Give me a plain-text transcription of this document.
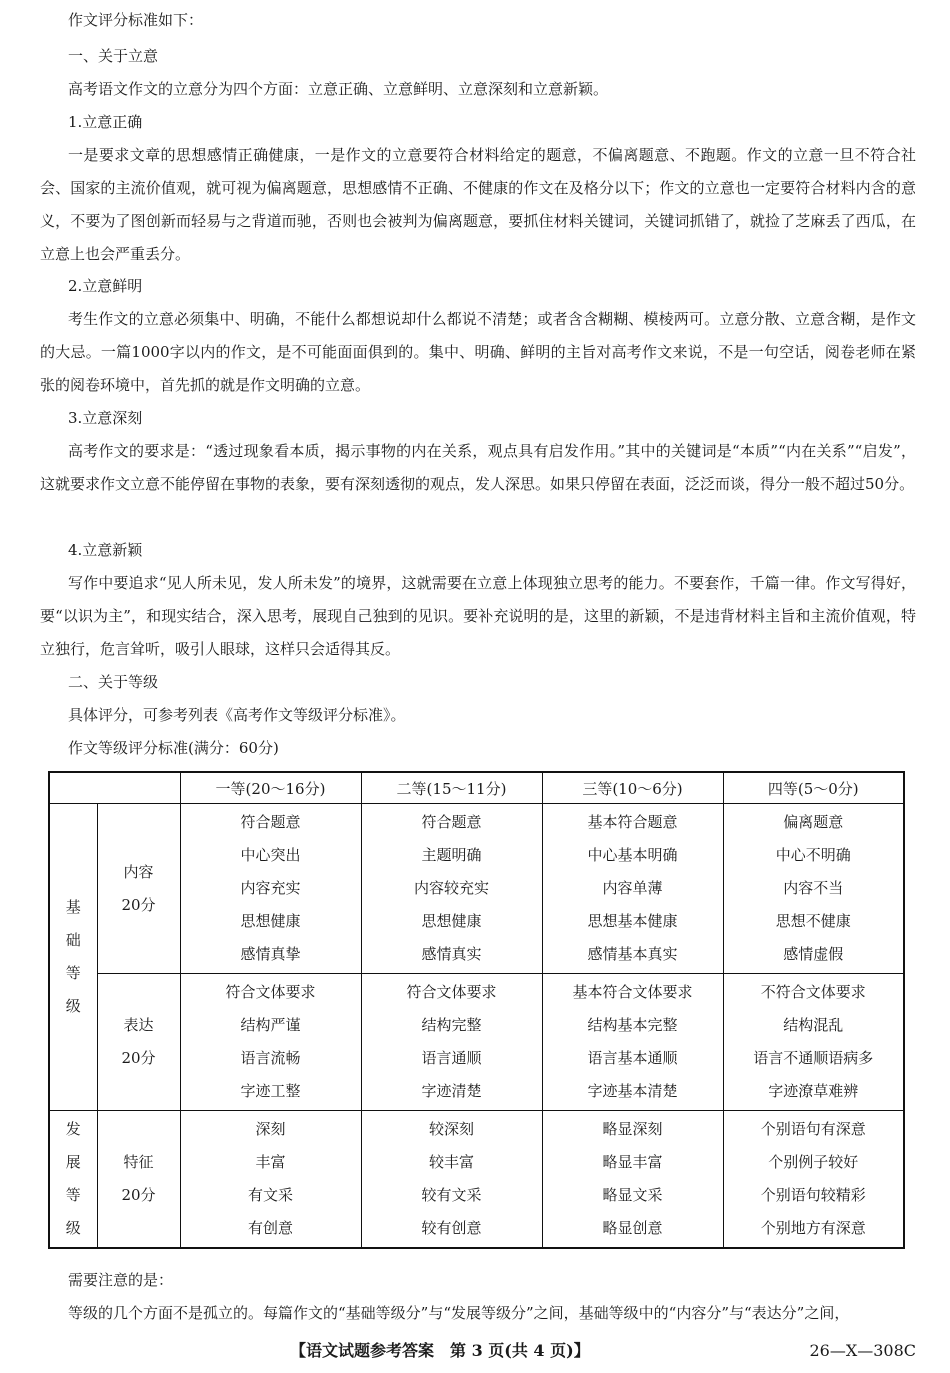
作文评分标准如下：

一、关于立意

高考语文作文的立意分为四个方面：立意正确、立意鲜明、立意深刻和立意新颖。

1.立意正确

一是要求文章的思想感情正确健康，一是作文的立意要符合材料给定的题意，不偏离题意、不跑题。作文的立意一旦不符合社会、国家的主流价值观，就可视为偏离题意，思想感情不正确、不健康的作文在及格分以下；作文的立意也一定要符合材料内含的意义，不要为了图创新而轻易与之背道而驰，否则也会被判为偏离题意，要抓住材料关键词，关键词抓错了，就捡了芝麻丢了西瓜，在立意上也会严重丢分。

2.立意鲜明

考生作文的立意必须集中、明确，不能什么都想说却什么都说不清楚；或者含含糊糊、模棱两可。立意分散、立意含糊，是作文的大忌。一篇1000字以内的作文，是不可能面面俱到的。集中、明确、鲜明的主旨对高考作文来说，不是一句空话，阅卷老师在紧张的阅卷环境中，首先抓的就是作文明确的立意。

3.立意深刻

高考作文的要求是：“透过现象看本质，揭示事物的内在关系，观点具有启发作用。”其中的关键词是“本质”“内在关系”“启发”，这就要求作文立意不能停留在事物的表象，要有深刻透彻的观点，发人深思。如果只停留在表面，泛泛而谈，得分一般不超过50分。

4.立意新颖

写作中要追求“见人所未见，发人所未发”的境界，这就需要在立意上体现独立思考的能力。不要套作，千篇一律。作文写得好，要“以识为主”，和现实结合，深入思考，展现自己独到的见识。要补充说明的是，这里的新颖，不是违背材料主旨和主流价值观，特立独行，危言耸听，吸引人眼球，这样只会适得其反。

二、关于等级

具体评分，可参考列表《高考作文等级评分标准》。

作文等级评分标准(满分：60分)

		一等(20～16分)	二等(15～11分)	三等(10～6分)	四等(5～0分)

基
础
等
级	内容
20分	符合题意
中心突出
内容充实
思想健康
感情真挚	符合题意
主题明确
内容较充实
思想健康
感情真实	基本符合题意
中心基本明确
内容单薄
思想基本健康
感情基本真实	偏离题意
中心不明确
内容不当
思想不健康
感情虚假

	表达
20分	符合文体要求
结构严谨
语言流畅
字迹工整	符合文体要求
结构完整
语言通顺
字迹清楚	基本符合文体要求
结构基本完整
语言基本通顺
字迹基本清楚	不符合文体要求
结构混乱
语言不通顺语病多
字迹潦草难辨

发
展
等
级	特征
20分	深刻
丰富
有文采
有创意	较深刻
较丰富
较有文采
较有创意	略显深刻
略显丰富
略显文采
略显创意	个别语句有深意
个别例子较好
个别语句较精彩
个别地方有深意

需要注意的是：

等级的几个方面不是孤立的。每篇作文的“基础等级分”与“发展等级分”之间，基础等级中的“内容分”与“表达分”之间，

【语文试题参考答案　第 3 页(共 4 页)】	26—X—308C
